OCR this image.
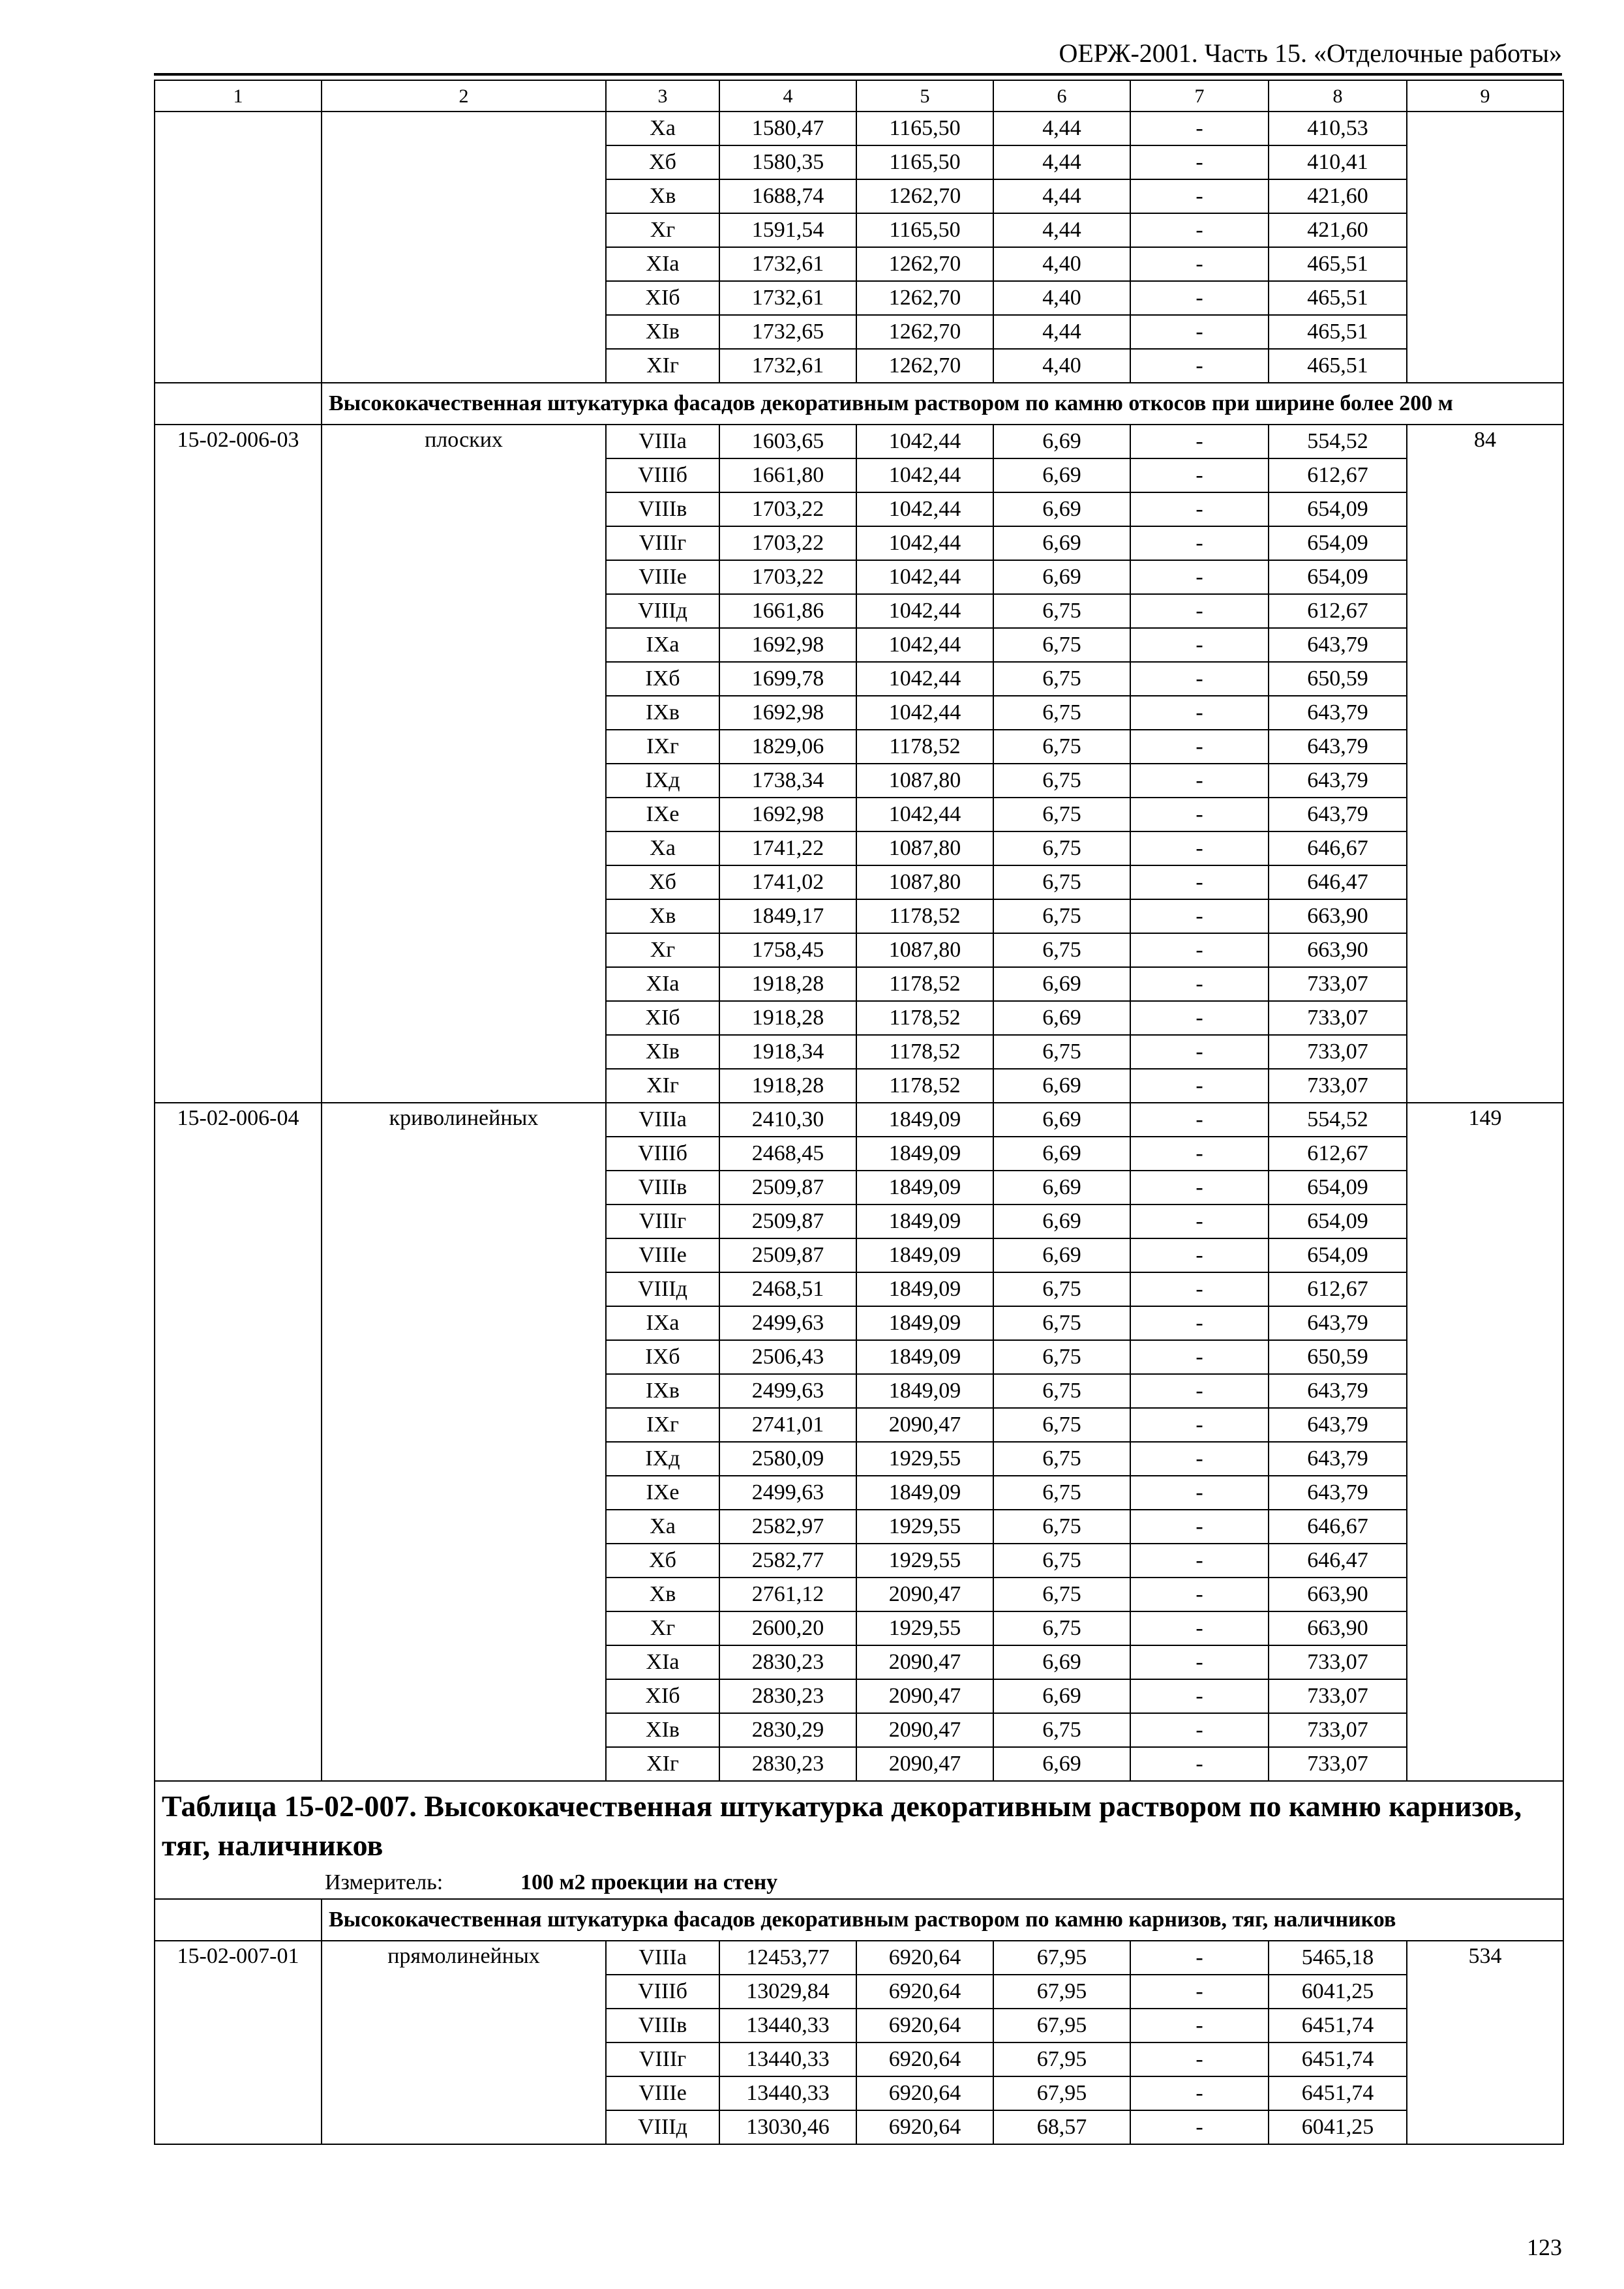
ОЕРЖ-2001. Часть 15. «Отделочные работы»
1	2	3	4	5	6	7	8	9
		Xа	1580,47	1165,50	4,44	-	410,53	
		Xб	1580,35	1165,50	4,44	-	410,41	
		Xв	1688,74	1262,70	4,44	-	421,60	
		Xг	1591,54	1165,50	4,44	-	421,60	
		XIа	1732,61	1262,70	4,40	-	465,51	
		XIб	1732,61	1262,70	4,40	-	465,51	
		XIв	1732,65	1262,70	4,44	-	465,51	
		XIг	1732,61	1262,70	4,40	-	465,51	
	Высококачественная штукатурка фасадов декоративным раствором по камню откосов при ширине более 200 м							
15-02-006-03	плоских	VIIIа	1603,65	1042,44	6,69	-	554,52	84
		VIIIб	1661,80	1042,44	6,69	-	612,67	
		VIIIв	1703,22	1042,44	6,69	-	654,09	
		VIIIг	1703,22	1042,44	6,69	-	654,09	
		VIIIе	1703,22	1042,44	6,69	-	654,09	
		VIIIд	1661,86	1042,44	6,75	-	612,67	
		IXа	1692,98	1042,44	6,75	-	643,79	
		IXб	1699,78	1042,44	6,75	-	650,59	
		IXв	1692,98	1042,44	6,75	-	643,79	
		IXг	1829,06	1178,52	6,75	-	643,79	
		IXд	1738,34	1087,80	6,75	-	643,79	
		IXе	1692,98	1042,44	6,75	-	643,79	
		Xа	1741,22	1087,80	6,75	-	646,67	
		Xб	1741,02	1087,80	6,75	-	646,47	
		Xв	1849,17	1178,52	6,75	-	663,90	
		Xг	1758,45	1087,80	6,75	-	663,90	
		XIа	1918,28	1178,52	6,69	-	733,07	
		XIб	1918,28	1178,52	6,69	-	733,07	
		XIв	1918,34	1178,52	6,75	-	733,07	
		XIг	1918,28	1178,52	6,69	-	733,07	
15-02-006-04	криволинейных	VIIIа	2410,30	1849,09	6,69	-	554,52	149
		VIIIб	2468,45	1849,09	6,69	-	612,67	
		VIIIв	2509,87	1849,09	6,69	-	654,09	
		VIIIг	2509,87	1849,09	6,69	-	654,09	
		VIIIе	2509,87	1849,09	6,69	-	654,09	
		VIIIд	2468,51	1849,09	6,75	-	612,67	
		IXа	2499,63	1849,09	6,75	-	643,79	
		IXб	2506,43	1849,09	6,75	-	650,59	
		IXв	2499,63	1849,09	6,75	-	643,79	
		IXг	2741,01	2090,47	6,75	-	643,79	
		IXд	2580,09	1929,55	6,75	-	643,79	
		IXе	2499,63	1849,09	6,75	-	643,79	
		Xа	2582,97	1929,55	6,75	-	646,67	
		Xб	2582,77	1929,55	6,75	-	646,47	
		Xв	2761,12	2090,47	6,75	-	663,90	
		Xг	2600,20	1929,55	6,75	-	663,90	
		XIа	2830,23	2090,47	6,69	-	733,07	
		XIб	2830,23	2090,47	6,69	-	733,07	
		XIв	2830,29	2090,47	6,75	-	733,07	
		XIг	2830,23	2090,47	6,69	-	733,07	

Таблица 15-02-007. Высококачественная штукатурка декоративным раствором по камню карнизов, тяг, наличников
Измеритель: 100 м2 проекции на стену								

	Высококачественная штукатурка фасадов декоративным раствором по камню карнизов, тяг, наличников							
15-02-007-01	прямолинейных	VIIIа	12453,77	6920,64	67,95	-	5465,18	534
		VIIIб	13029,84	6920,64	67,95	-	6041,25	
		VIIIв	13440,33	6920,64	67,95	-	6451,74	
		VIIIг	13440,33	6920,64	67,95	-	6451,74	
		VIIIе	13440,33	6920,64	67,95	-	6451,74	
		VIIIд	13030,46	6920,64	68,57	-	6041,25	
123
